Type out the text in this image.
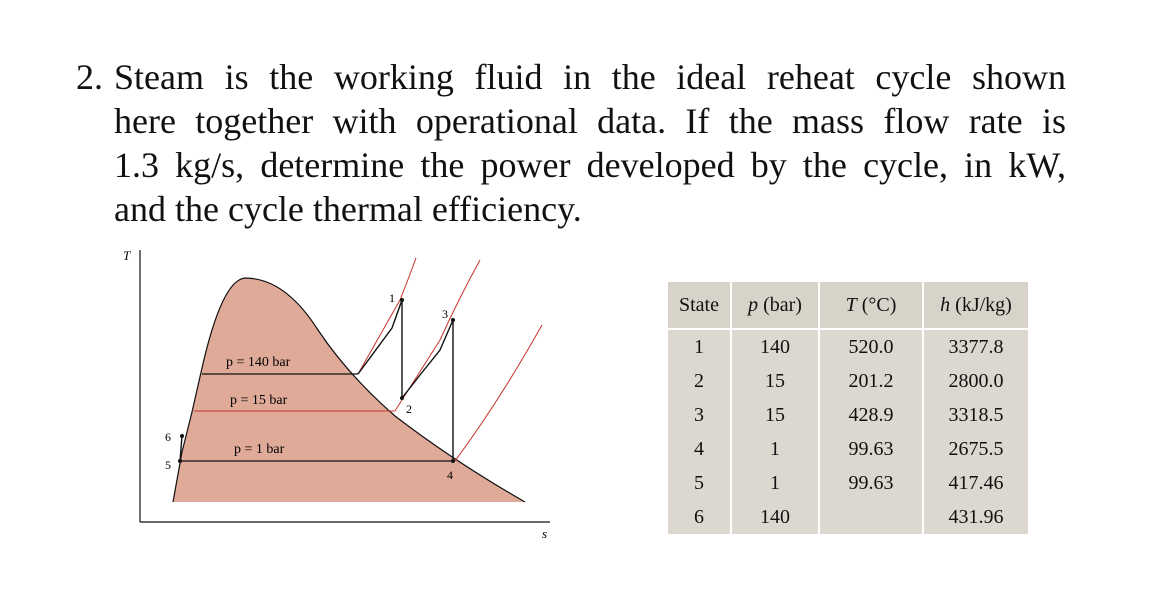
2. Steam is the working fluid in the ideal reheat cycle shown
here together with operational data. If the mass flow rate is
1.3 kg/s, determine the power developed by the cycle, in kW,
and the cycle thermal efficiency.
T
s
p = 140 bar
p = 15 bar
p = 1 bar
1
2
3
4
5
6
State	p (bar)	T (°C)	h (kJ/kg)
1	140	520.0	3377.8
2	15	201.2	2800.0
3	15	428.9	3318.5
4	1	99.63	2675.5
5	1	99.63	417.46
6	140		431.96
